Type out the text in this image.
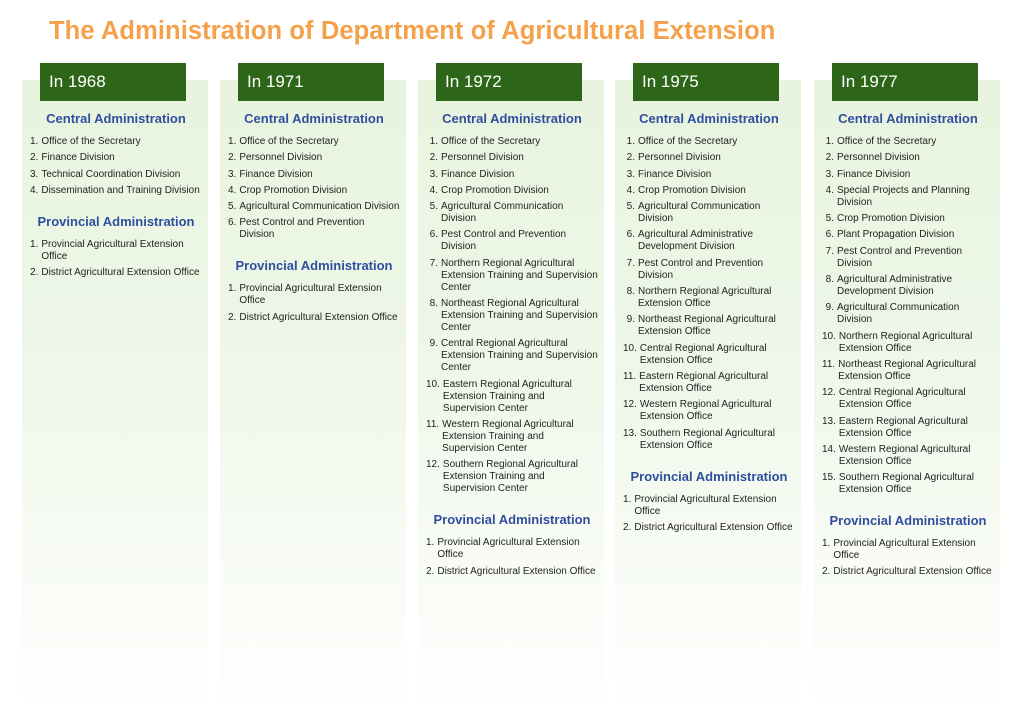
The Administration of Department of Agricultural Extension
In 1968
Central Administration
1. Office of the Secretary
2. Finance Division
3. Technical Coordination Division
4. Dissemination and Training Division
Provincial Administration
1. Provincial Agricultural Extension Office
2. District Agricultural Extension Office
In 1971
Central Administration
1. Office of the Secretary
2. Personnel Division
3. Finance Division
4. Crop Promotion Division
5. Agricultural Communication Division
6. Pest Control and Prevention Division
Provincial Administration
1. Provincial Agricultural Extension Office
2. District Agricultural Extension Office
In 1972
Central Administration
1. Office of the Secretary
2. Personnel Division
3. Finance Division
4. Crop Promotion Division
5. Agricultural Communication Division
6. Pest Control and Prevention Division
7. Northern Regional Agricultural Extension Training and Supervision Center
8. Northeast Regional Agricultural Extension Training and Supervision Center
9. Central Regional Agricultural Extension Training and Supervision Center
10. Eastern Regional Agricultural Extension Training and Supervision Center
11. Western Regional Agricultural Extension Training and Supervision Center
12. Southern Regional Agricultural Extension Training and Supervision Center
Provincial Administration
1. Provincial Agricultural Extension Office
2. District Agricultural Extension Office
In 1975
Central Administration
1. Office of the Secretary
2. Personnel Division
3. Finance Division
4. Crop Promotion Division
5. Agricultural Communication Division
6. Agricultural Administrative Development Division
7. Pest Control and Prevention Division
8. Northern Regional Agricultural Extension Office
9. Northeast Regional Agricultural Extension Office
10. Central Regional Agricultural Extension Office
11. Eastern Regional Agricultural Extension Office
12. Western Regional Agricultural Extension Office
13. Southern Regional Agricultural Extension Office
Provincial Administration
1. Provincial Agricultural Extension Office
2. District Agricultural Extension Office
In 1977
Central Administration
1. Office of the Secretary
2. Personnel Division
3. Finance Division
4. Special Projects and Planning Division
5. Crop Promotion Division
6. Plant Propagation Division
7. Pest Control and Prevention Division
8. Agricultural Administrative Development Division
9. Agricultural Communication Division
10. Northern Regional Agricultural Extension Office
11. Northeast Regional Agricultural Extension Office
12. Central Regional Agricultural Extension Office
13. Eastern Regional Agricultural Extension Office
14. Western Regional Agricultural Extension Office
15. Southern Regional Agricultural Extension Office
Provincial Administration
1. Provincial Agricultural Extension Office
2. District Agricultural Extension Office
